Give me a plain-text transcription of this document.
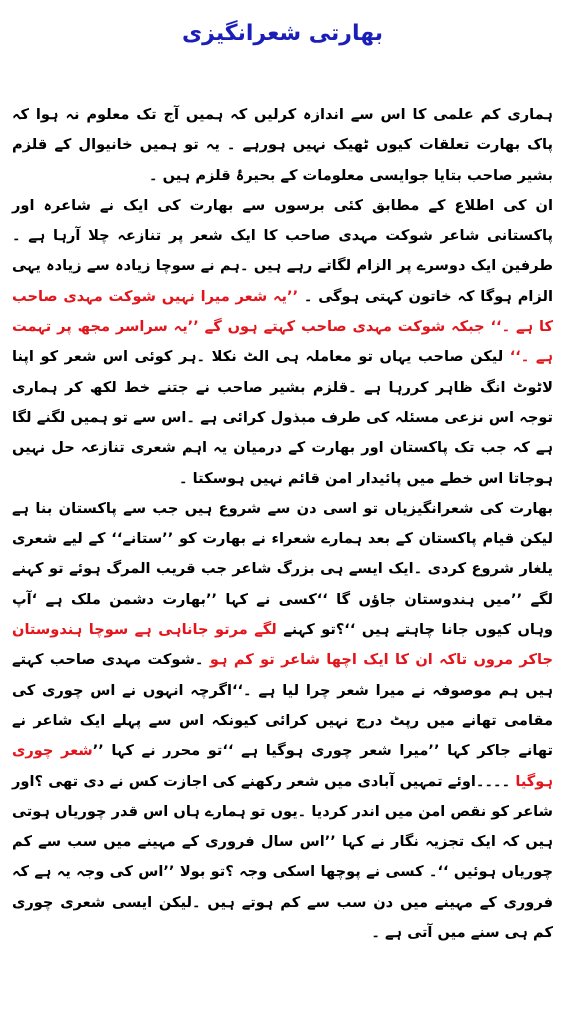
بھارتی شعرانگیزی

ہماری کم علمی کا اس سے اندازہ کرلیں کہ ہمیں آج تک معلوم نہ ہوا کہ پاک بھارت تعلقات کیوں ٹھیک نہیں ہورہے ۔ یہ تو ہمیں خانیوال کے قلزم بشیر صاحب بتایا جوایسی معلومات کے بحیرۂ قلزم ہیں ۔

ان کی اطلاع کے مطابق کئی برسوں سے بھارت کی ایک نے شاعرہ اور پاکستانی شاعر شوکت مہدی صاحب کا ایک شعر پر تنازعہ چلا آرہا ہے ۔طرفین ایک دوسرے پر الزام لگاتے رہے ہیں ۔ہم نے سوچا زیادہ سے زیادہ یہی الزام ہوگا کہ خاتون کہتی ہوگی ۔ ’’یہ شعر میرا نہیں شوکت مہدی صاحب کا ہے ۔‘‘ جبکہ شوکت مہدی صاحب کہتے ہوں گے ’’یہ سراسر مجھ پر تہمت ہے ۔‘‘ لیکن صاحب یہاں تو معاملہ ہی الٹ نکلا ۔ہر کوئی اس شعر کو اپنا لاٹوٹ انگ ظاہر کررہا ہے ۔قلزم بشیر صاحب نے جتنے خط لکھ کر ہماری توجہ اس نزعی مسئلہ کی طرف مبذول کرائی ہے ۔اس سے تو ہمیں لگنے لگا ہے کہ جب تک پاکستان اور بھارت کے درمیان یہ اہم شعری تنازعہ حل نہیں ہوجاتا اس خطے میں پائیدار امن قائم نہیں ہوسکتا ۔

بھارت کی شعرانگیزیاں تو اسی دن سے شروع ہیں جب سے پاکستان بنا ہے لیکن قیام پاکستان کے بعد ہمارے شعراء نے بھارت کو ’’ستانے‘‘ کے لیے شعری یلغار شروع کردی ۔ایک ایسے ہی بزرگ شاعر جب قریب المرگ ہوئے تو کہنے لگے ’’میں ہندوستان جاؤں گا ‘‘کسی نے کہا ’’بھارت دشمن ملک ہے ‘آپ وہاں کیوں جانا چاہتے ہیں ‘‘؟تو کہنے لگے مرتو جاناہی ہے سوچا ہندوستان جاکر مروں تاکہ ان کا ایک اچھا شاعر تو کم ہو ۔شوکت مہدی صاحب کہتے ہیں ہم موصوفہ نے میرا شعر چرا لیا ہے ۔‘‘اگرچہ انہوں نے اس چوری کی مقامی تھانے میں رپٹ درج نہیں کرائی کیونکہ اس سے پہلے ایک شاعر نے تھانے جاکر کہا ’’میرا شعر چوری ہوگیا ہے ‘‘تو محرر نے کہا ’’شعر چوری ہوگیا ۔۔۔۔اوئے تمہیں آبادی میں شعر رکھنے کی اجازت کس نے دی تھی ؟اور شاعر کو نقص امن میں اندر کردیا ۔یوں تو ہمارے ہاں اس قدر چوریاں ہوتی ہیں کہ ایک تجزیہ نگار نے کہا ’’اس سال فروری کے مہینے میں سب سے کم چوریاں ہوئیں ‘‘۔ کسی نے پوچھا اسکی وجہ ؟تو بولا ’’اس کی وجہ یہ ہے کہ فروری کے مہینے میں دن سب سے کم ہوتے ہیں ۔لیکن ایسی شعری چوری کم ہی سنے میں آتی ہے ۔
